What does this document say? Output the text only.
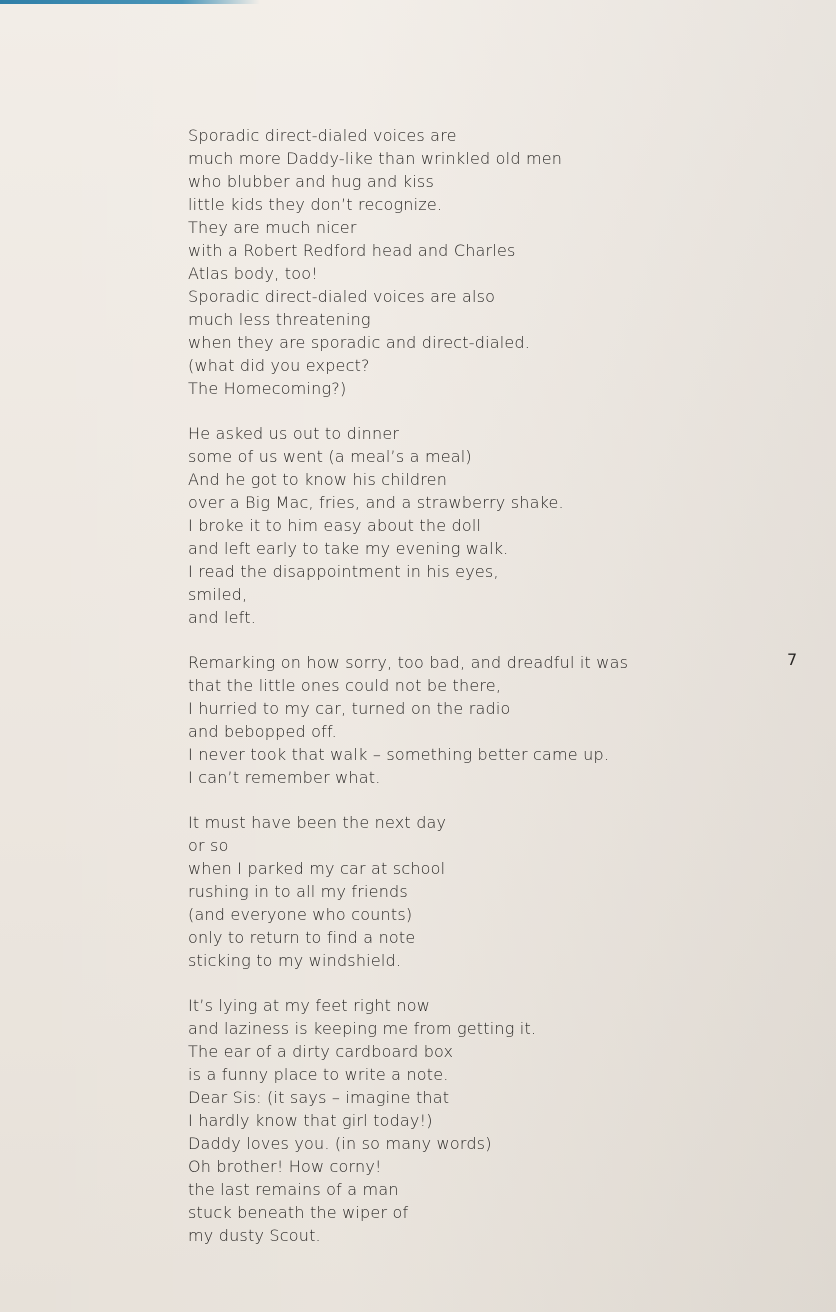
Sporadic direct-dialed voices are
much more Daddy-like than wrinkled old men
who blubber and hug and kiss
little kids they don’t recognize.
They are much nicer
with a Robert Redford head and Charles
Atlas body, too!
Sporadic direct-dialed voices are also
much less threatening
when they are sporadic and direct-dialed.
(what did you expect?
The Homecoming?)
He asked us out to dinner
some of us went (a meal’s a meal)
And he got to know his children
over a Big Mac, fries, and a strawberry shake.
I broke it to him easy about the doll
and left early to take my evening walk.
I read the disappointment in his eyes,
smiled,
and left.
Remarking on how sorry, too bad, and dreadful it was
that the little ones could not be there,
I hurried to my car, turned on the radio
and bebopped off.
I never took that walk – something better came up.
I can’t remember what.
It must have been the next day
or so
when I parked my car at school
rushing in to all my friends
(and everyone who counts)
only to return to find a note
sticking to my windshield.
It’s lying at my feet right now
and laziness is keeping me from getting it.
The ear of a dirty cardboard box
is a funny place to write a note.
Dear Sis: (it says – imagine that
I hardly know that girl today!)
Daddy loves you. (in so many words)
Oh brother! How corny!
the last remains of a man
stuck beneath the wiper of
my dusty Scout.
7
